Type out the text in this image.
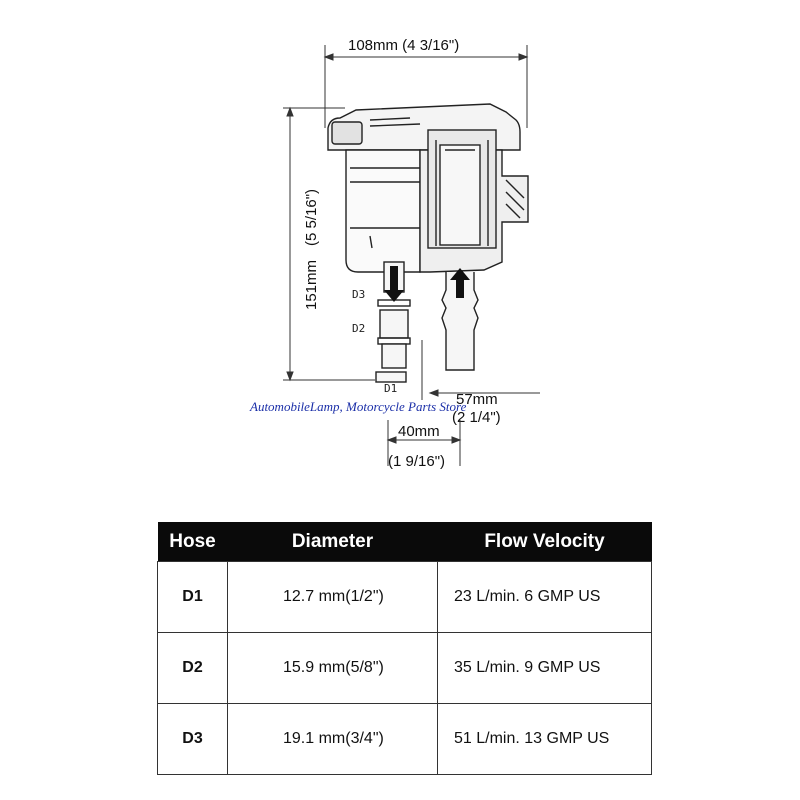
108mm (4 3/16")
151mm
(5 5/16")
D3
D2
D1
57mm
(2 1/4")
40mm
(1 9/16")
AutomobileLamp, Motorcycle Parts Store
Hose	Diameter	Flow Velocity
D1	12.7 mm(1/2")	23 L/min. 6 GMP US
D2	15.9 mm(5/8")	35 L/min. 9 GMP US
D3	19.1 mm(3/4")	51 L/min. 13 GMP US
